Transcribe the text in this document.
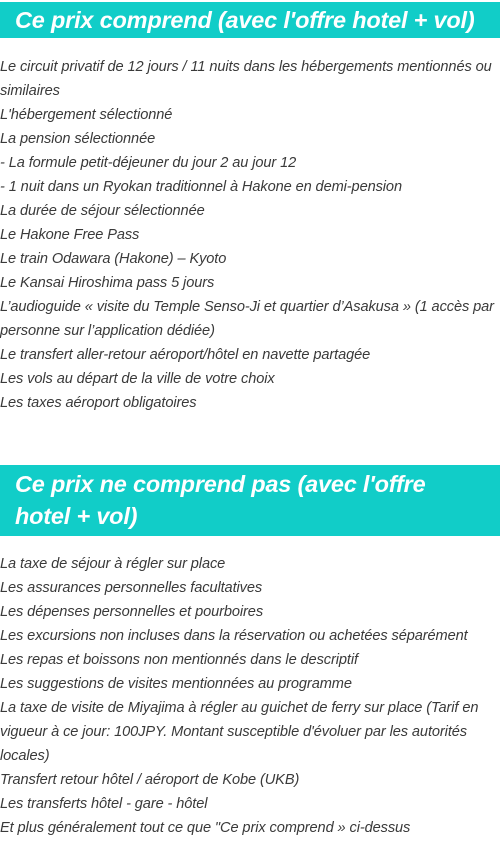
Ce prix comprend (avec l'offre hotel + vol)
Le circuit privatif de 12 jours / 11 nuits dans les hébergements mentionnés ou similaires
L'hébergement sélectionné
La pension sélectionnée
- La formule petit-déjeuner du jour 2 au jour 12
- 1 nuit dans un Ryokan traditionnel à Hakone en demi-pension
La durée de séjour sélectionnée
Le Hakone Free Pass
Le train Odawara (Hakone) – Kyoto
Le Kansai Hiroshima pass 5 jours
L’audioguide « visite du Temple Senso-Ji et quartier d’Asakusa » (1 accès par personne sur l’application dédiée)
Le transfert aller-retour aéroport/hôtel en navette partagée
Les vols au départ de la ville de votre choix
Les taxes aéroport obligatoires
Ce prix ne comprend pas (avec l'offre hotel + vol)
La taxe de séjour à régler sur place
Les assurances personnelles facultatives
Les dépenses personnelles et pourboires
Les excursions non incluses dans la réservation ou achetées séparément
Les repas et boissons non mentionnés dans le descriptif
Les suggestions de visites mentionnées au programme
La taxe de visite de Miyajima à régler au guichet de ferry sur place (Tarif en vigueur à ce jour: 100JPY. Montant susceptible d'évoluer par les autorités locales)
Transfert retour hôtel / aéroport de Kobe (UKB)
Les transferts hôtel - gare - hôtel
Et plus généralement tout ce que "Ce prix comprend » ci-dessus
